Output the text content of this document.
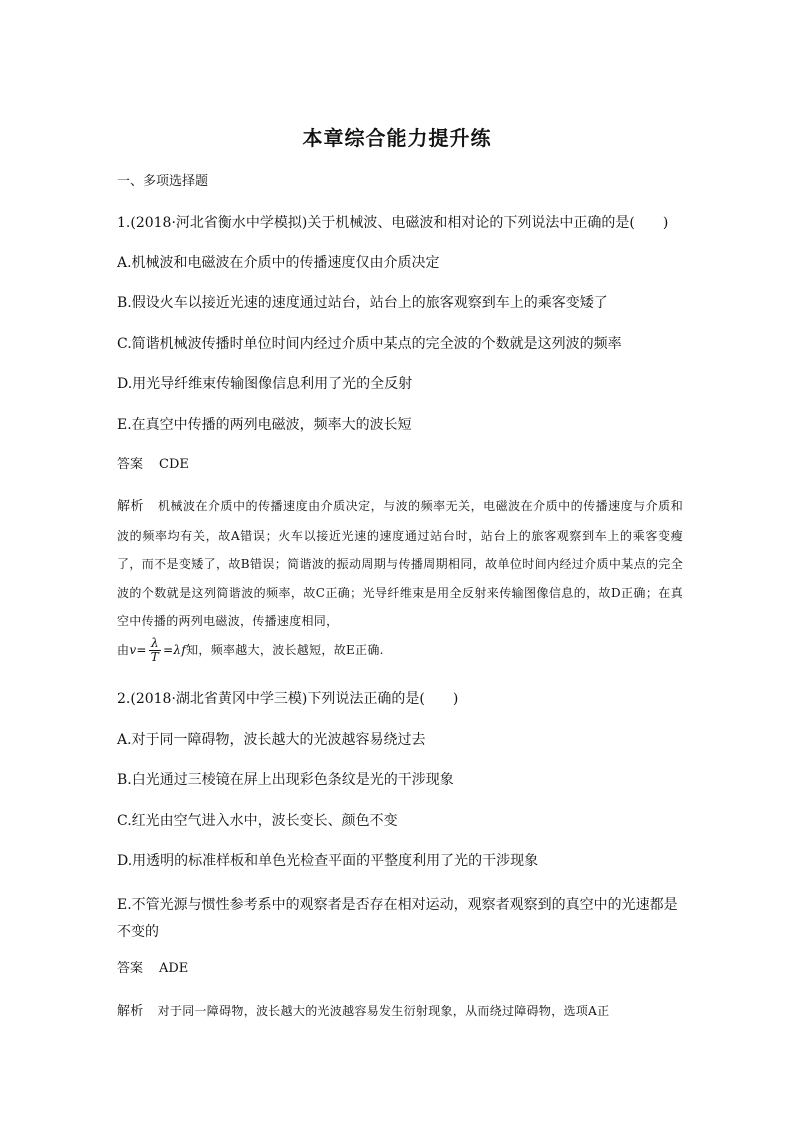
本章综合能力提升练
一、多项选择题
1.(2018·河北省衡水中学模拟)关于机械波、电磁波和相对论的下列说法中正确的是(　　)
A.机械波和电磁波在介质中的传播速度仅由介质决定
B.假设火车以接近光速的速度通过站台，站台上的旅客观察到车上的乘客变矮了
C.简谐机械波传播时单位时间内经过介质中某点的完全波的个数就是这列波的频率
D.用光导纤维束传输图像信息利用了光的全反射
E.在真空中传播的两列电磁波，频率大的波长短
答案 CDE
解析 机械波在介质中的传播速度由介质决定，与波的频率无关，电磁波在介质中的传播速度与介质和波的频率均有关，故A错误；火车以接近光速的速度通过站台时，站台上的旅客观察到车上的乘客变瘦了，而不是变矮了，故B错误；简谐波的振动周期与传播周期相同，故单位时间内经过介质中某点的完全波的个数就是这列简谐波的频率，故C正确；光导纤维束是用全反射来传输图像信息的，故D正确；在真空中传播的两列电磁波，传播速度相同，
由$v= \frac{\lambda}{T} =\lambda f$知，频率越大，波长越短，故E正确.
2.(2018·湖北省黄冈中学三模)下列说法正确的是(　　)
A.对于同一障碍物，波长越大的光波越容易绕过去
B.白光通过三棱镜在屏上出现彩色条纹是光的干涉现象
C.红光由空气进入水中，波长变长、颜色不变
D.用透明的标准样板和单色光检查平面的平整度利用了光的干涉现象
E.不管光源与惯性参考系中的观察者是否存在相对运动，观察者观察到的真空中的光速都是不变的
答案 ADE
解析 对于同一障碍物，波长越大的光波越容易发生衍射现象，从而绕过障碍物，选项A正
